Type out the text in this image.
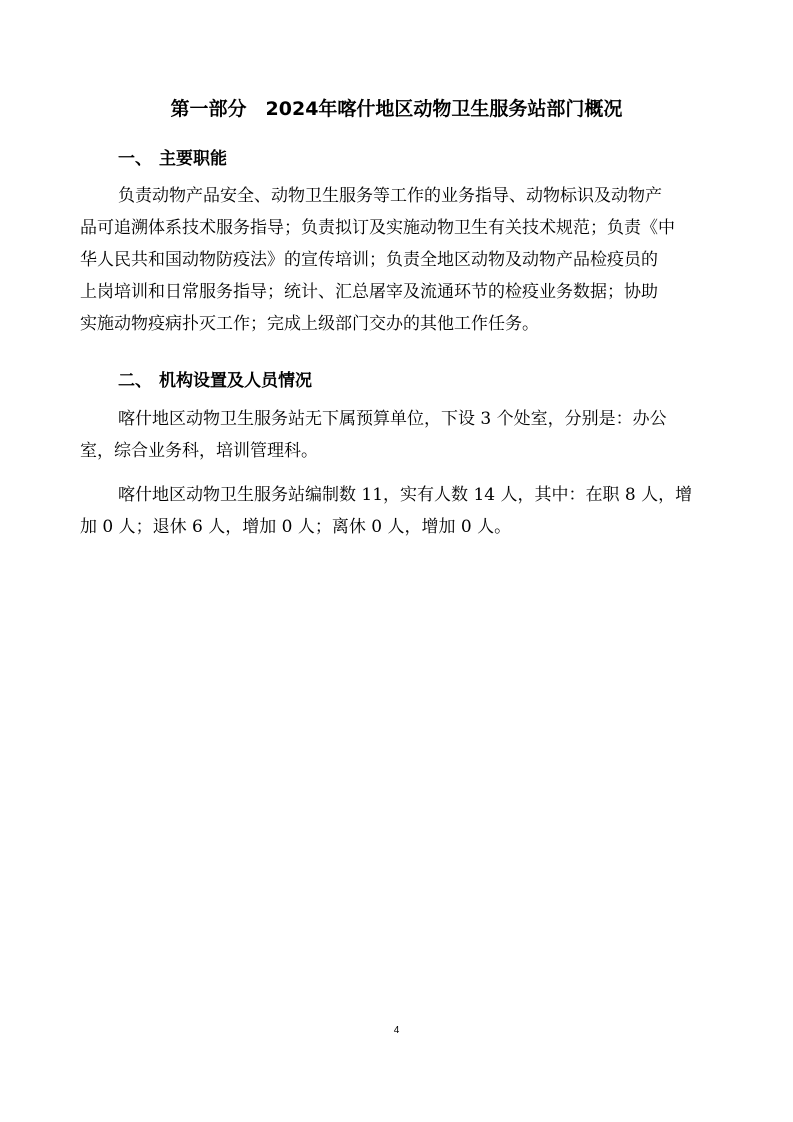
第一部分　2024年喀什地区动物卫生服务站部门概况
一、 主要职能
负责动物产品安全、动物卫生服务等工作的业务指导、动物标识及动物产
品可追溯体系技术服务指导；负责拟订及实施动物卫生有关技术规范；负责《中
华人民共和国动物防疫法》的宣传培训；负责全地区动物及动物产品检疫员的
上岗培训和日常服务指导；统计、汇总屠宰及流通环节的检疫业务数据；协助
实施动物疫病扑灭工作；完成上级部门交办的其他工作任务。
二、 机构设置及人员情况
喀什地区动物卫生服务站无下属预算单位，下设 3 个处室，分别是：办公
室，综合业务科，培训管理科。
喀什地区动物卫生服务站编制数 11，实有人数 14 人，其中：在职 8 人，增
加 0 人；退休 6 人，增加 0 人；离休 0 人，增加 0 人。
4
